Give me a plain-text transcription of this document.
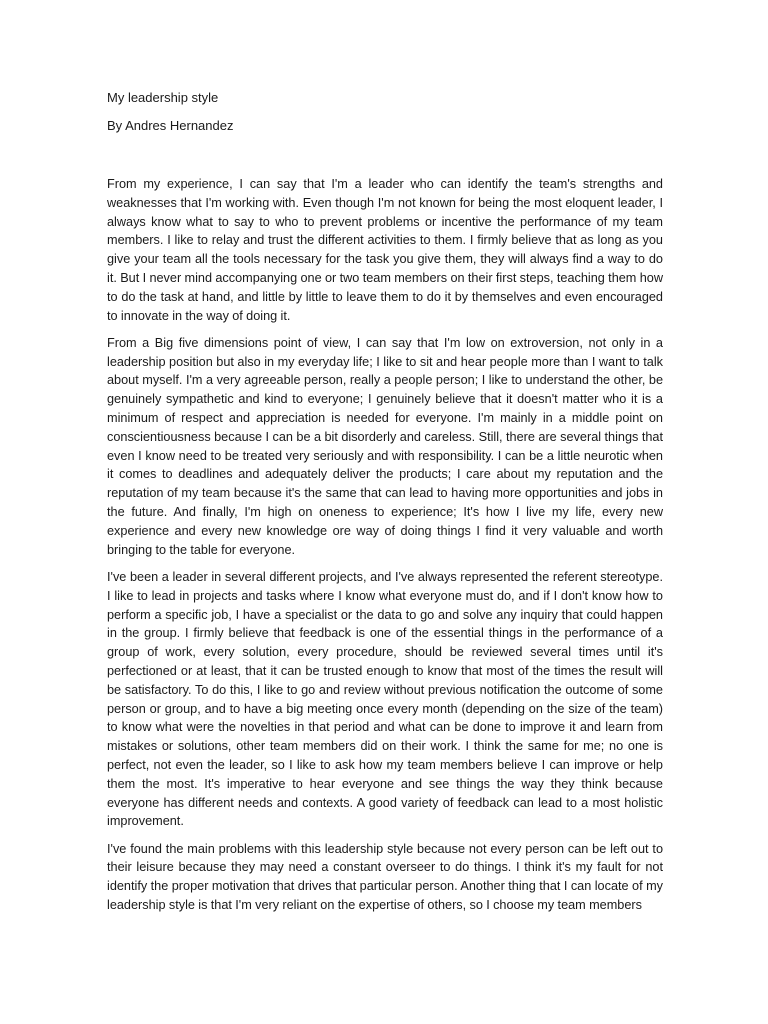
My leadership style

By Andres Hernandez

From my experience, I can say that I'm a leader who can identify the team's strengths and weaknesses that I'm working with. Even though I'm not known for being the most eloquent leader, I always know what to say to who to prevent problems or incentive the performance of my team members. I like to relay and trust the different activities to them. I firmly believe that as long as you give your team all the tools necessary for the task you give them, they will always find a way to do it. But I never mind accompanying one or two team members on their first steps, teaching them how to do the task at hand, and little by little to leave them to do it by themselves and even encouraged to innovate in the way of doing it.

From a Big five dimensions point of view, I can say that I'm low on extroversion, not only in a leadership position but also in my everyday life; I like to sit and hear people more than I want to talk about myself. I'm a very agreeable person, really a people person; I like to understand the other, be genuinely sympathetic and kind to everyone; I genuinely believe that it doesn't matter who it is a minimum of respect and appreciation is needed for everyone. I'm mainly in a middle point on conscientiousness because I can be a bit disorderly and careless. Still, there are several things that even I know need to be treated very seriously and with responsibility. I can be a little neurotic when it comes to deadlines and adequately deliver the products; I care about my reputation and the reputation of my team because it's the same that can lead to having more opportunities and jobs in the future. And finally, I'm high on oneness to experience; It's how I live my life, every new experience and every new knowledge ore way of doing things I find it very valuable and worth bringing to the table for everyone.

I've been a leader in several different projects, and I've always represented the referent stereotype. I like to lead in projects and tasks where I know what everyone must do, and if I don't know how to perform a specific job, I have a specialist or the data to go and solve any inquiry that could happen in the group. I firmly believe that feedback is one of the essential things in the performance of a group of work, every solution, every procedure, should be reviewed several times until it's perfectioned or at least, that it can be trusted enough to know that most of the times the result will be satisfactory. To do this, I like to go and review without previous notification the outcome of some person or group, and to have a big meeting once every month (depending on the size of the team) to know what were the novelties in that period and what can be done to improve it and learn from mistakes or solutions, other team members did on their work. I think the same for me; no one is perfect, not even the leader, so I like to ask how my team members believe I can improve or help them the most. It's imperative to hear everyone and see things the way they think because everyone has different needs and contexts. A good variety of feedback can lead to a most holistic improvement.

I've found the main problems with this leadership style because not every person can be left out to their leisure because they may need a constant overseer to do things. I think it's my fault for not identify the proper motivation that drives that particular person. Another thing that I can locate of my leadership style is that I'm very reliant on the expertise of others, so I choose my team members
